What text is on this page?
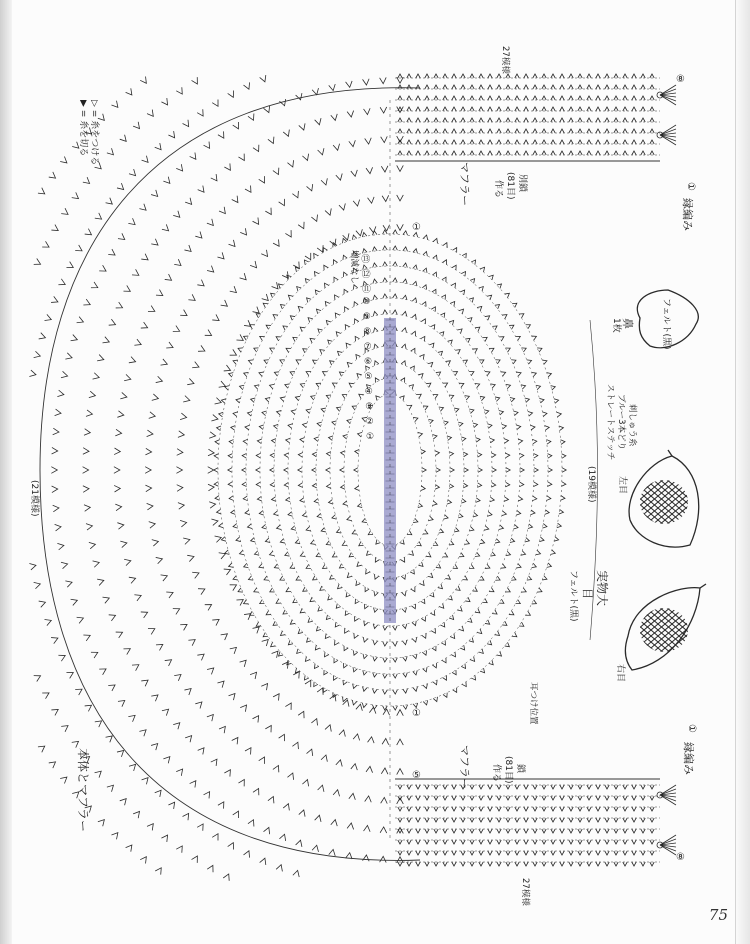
本体とマフラー
▷ = 糸をつける
▶ = 糸を切る
(21模様)	(19模様)
増減なし
耳つけ位置
マフラー	鎖
(81目)
作る
27模様
縁編み
①
マフラー	別鎖
(81目)
作る
27模様
縁編み
①
実物大
目
フェルト(黒)
右目
左目
刺しゅう糸
ブルー3本どり
ストレートステッチ
鼻
1枚	フェルト(黒)
①
①
⑧
⑧
⑤
①
②
③
④
⑤
⑥
⑦
⑧
⑨
⑩
⑪
⑫
⑬
75
